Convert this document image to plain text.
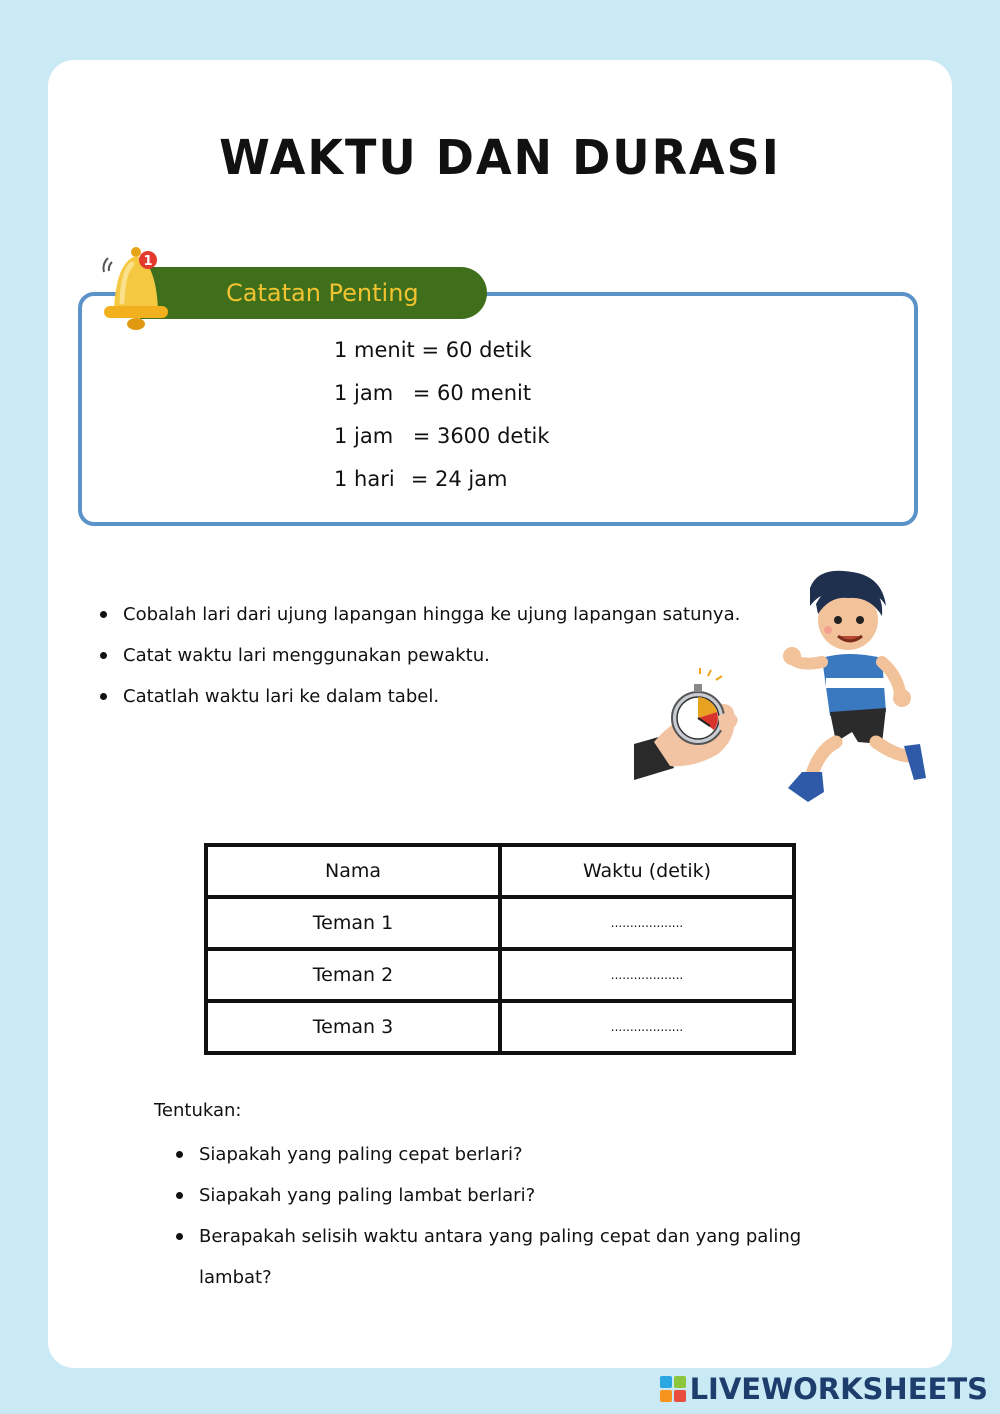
WAKTU DAN DURASI
Catatan Penting
1
1 menit = 60 detik
1 jam = 60 menit
1 jam = 3600 detik
1 hari = 24 jam
Cobalah lari dari ujung lapangan hingga ke ujung lapangan satunya.
Catat waktu lari menggunakan pewaktu.
Catatlah waktu lari ke dalam tabel.
Nama	Waktu (detik)
Teman 1	...................
Teman 2	...................
Teman 3	...................
Tentukan:
Siapakah yang paling cepat berlari?
Siapakah yang paling lambat berlari?
Berapakah selisih waktu antara yang paling cepat dan yang paling lambat?
LIVEWORKSHEETS
